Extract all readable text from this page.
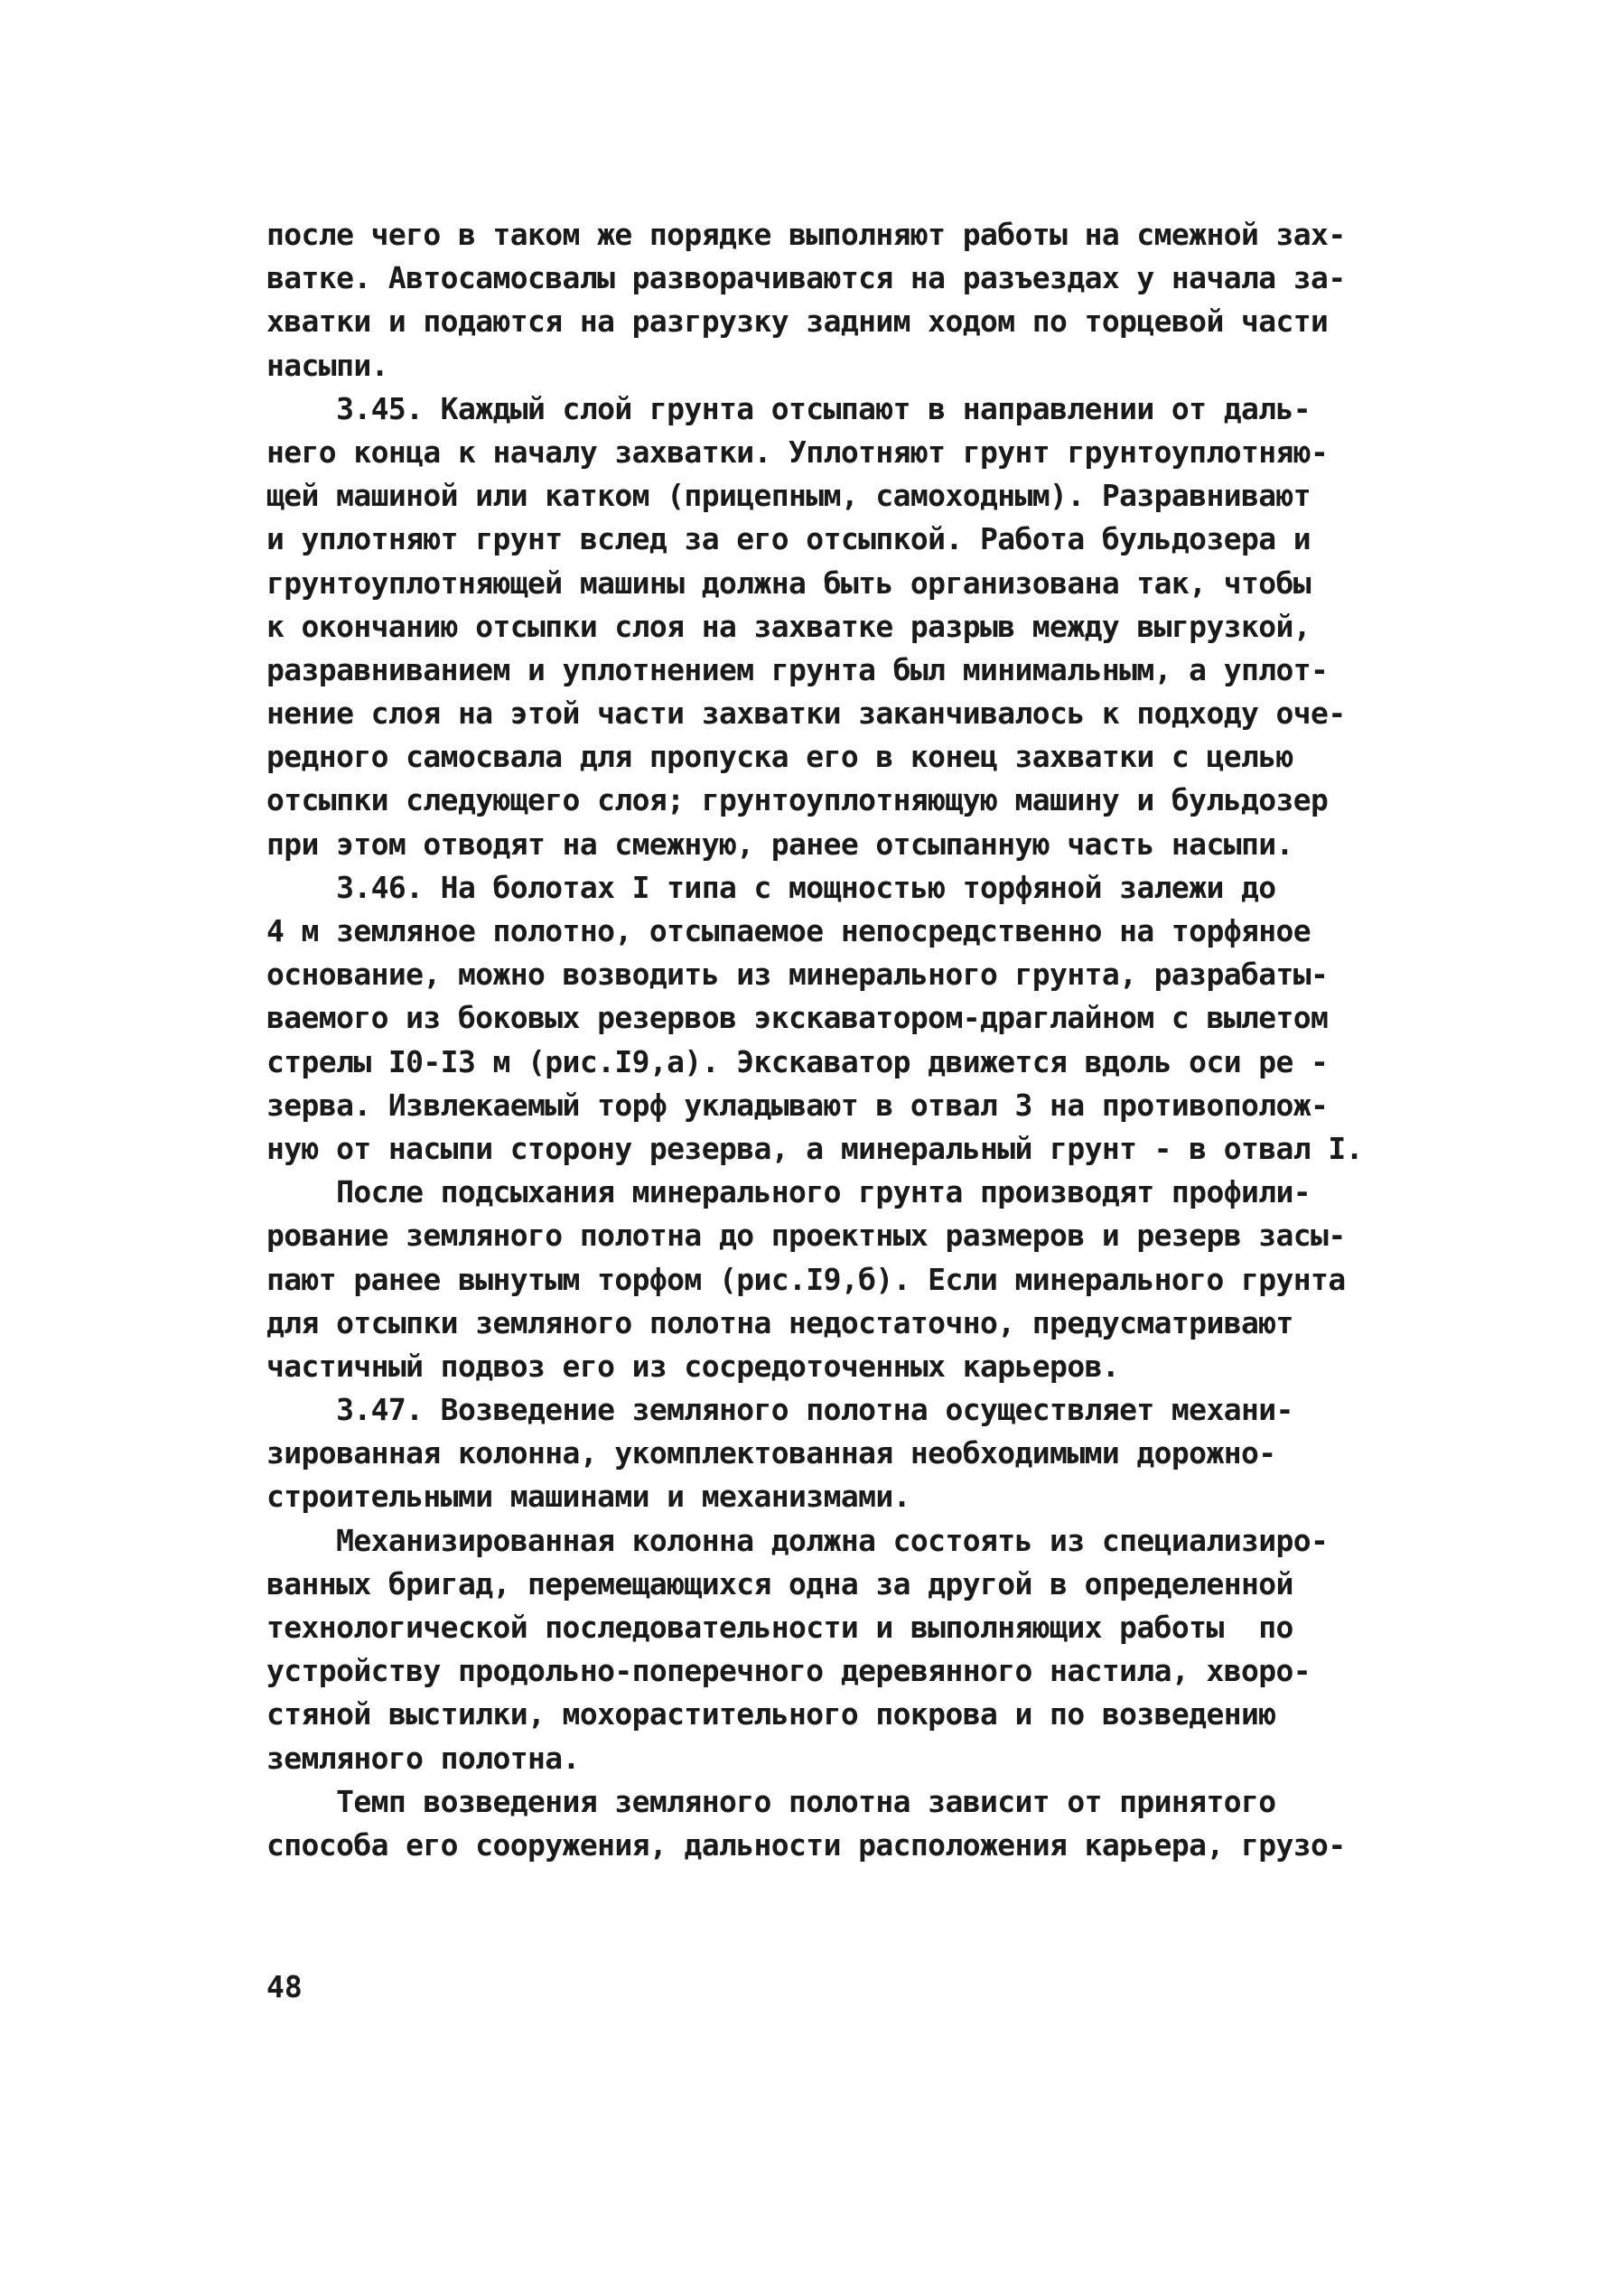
после чего в таком же порядке выполняют работы на смежной зах-
ватке. Автосамосвалы разворачиваются на разъездах у начала за-
хватки и подаются на разгрузку задним ходом по торцевой части
насыпи.
3.45. Каждый слой грунта отсыпают в направлении от даль-
него конца к началу захватки. Уплотняют грунт грунтоуплотняю-
щей машиной или катком (прицепным, самоходным). Разравнивают
и уплотняют грунт вслед за его отсыпкой. Работа бульдозера и
грунтоуплотняющей машины должна быть организована так, чтобы
к окончанию отсыпки слоя на захватке разрыв между выгрузкой,
разравниванием и уплотнением грунта был минимальным, а уплот-
нение слоя на этой части захватки заканчивалось к подходу оче-
редного самосвала для пропуска его в конец захватки с целью
отсыпки следующего слоя; грунтоуплотняющую машину и бульдозер
при этом отводят на смежную, ранее отсыпанную часть насыпи.
3.46. На болотах I типа с мощностью торфяной залежи до
4 м земляное полотно, отсыпаемое непосредственно на торфяное
основание, можно возводить из минерального грунта, разрабаты-
ваемого из боковых резервов экскаватором-драглайном с вылетом
стрелы I0-I3 м (рис.I9,а). Экскаватор движется вдоль оси ре -
зерва. Извлекаемый торф укладывают в отвал 3 на противополож-
ную от насыпи сторону резерва, а минеральный грунт - в отвал I.
После подсыхания минерального грунта производят профили-
рование земляного полотна до проектных размеров и резерв засы-
пают ранее вынутым торфом (рис.I9,б). Если минерального грунта
для отсыпки земляного полотна недостаточно, предусматривают
частичный подвоз его из сосредоточенных карьеров.
3.47. Возведение земляного полотна осуществляет механи-
зированная колонна, укомплектованная необходимыми дорожно-
строительными машинами и механизмами.
Механизированная колонна должна состоять из специализиро-
ванных бригад, перемещающихся одна за другой в определенной
технологической последовательности и выполняющих работы  по
устройству продольно-поперечного деревянного настила, хворо-
стяной выстилки, мохорастительного покрова и по возведению
земляного полотна.
Темп возведения земляного полотна зависит от принятого
способа его сооружения, дальности расположения карьера, грузо-
48
